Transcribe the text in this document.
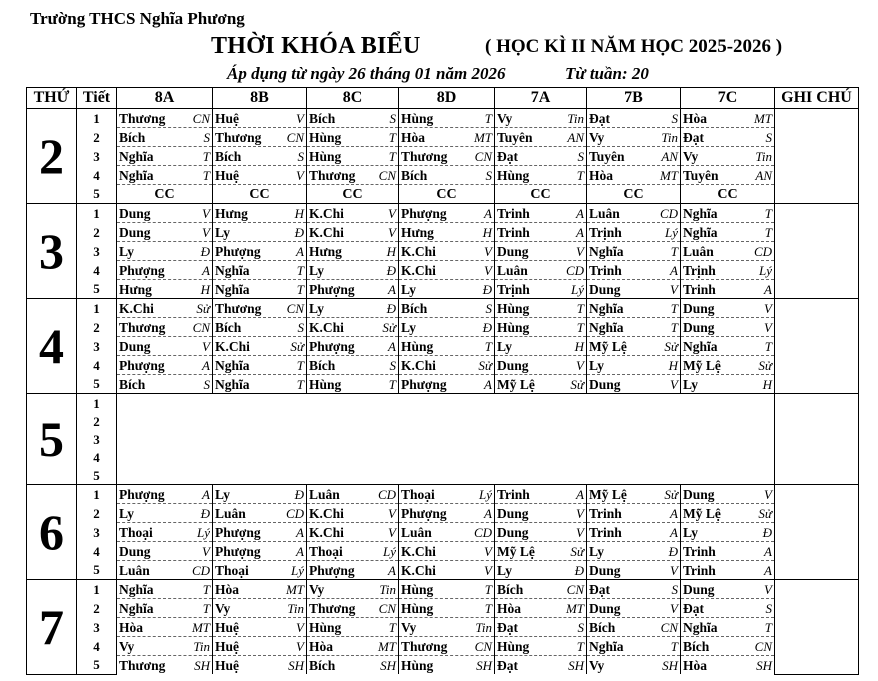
Trường THCS Nghĩa Phương
THỜI KHÓA BIỂU	( HỌC KÌ II NĂM HỌC 2025-2026 )
Áp dụng từ ngày 26 tháng 01 năm 2026	Từ tuần: 20
THỨ	Tiết	8A	8B	8C	8D	7A	7B	7C	GHI CHÚ
2	1	Thương CN	Huệ V	Bích S	Hùng T	Vy Tin	Đạt S	Hòa MT	

	2	Bích S	Thương CN	Hùng T	Hòa MT	Tuyên AN	Vy Tin	Đạt S	

	3	Nghĩa T	Bích S	Hùng T	Thương CN	Đạt S	Tuyên AN	Vy Tin	

	4	Nghĩa T	Huệ V	Thương CN	Bích S	Hùng T	Hòa MT	Tuyên AN	

	5	CC	CC	CC	CC	CC	CC	CC	
3	1	Dung V	Hưng H	K.Chi V	Phượng A	Trinh A	Luân CD	Nghĩa T	

	2	Dung V	Ly Đ	K.Chi V	Hưng H	Trinh A	Trịnh Lý	Nghĩa T	

	3	Ly Đ	Phượng A	Hưng H	K.Chi V	Dung V	Nghĩa T	Luân CD	

	4	Phượng A	Nghĩa T	Ly Đ	K.Chi V	Luân CD	Trinh A	Trịnh Lý	

	5	Hưng H	Nghĩa T	Phượng A	Ly Đ	Trịnh Lý	Dung V	Trinh A	

4	1	K.Chi Sử	Thương CN	Ly Đ	Bích S	Hùng T	Nghĩa T	Dung V	

	2	Thương CN	Bích S	K.Chi Sử	Ly Đ	Hùng T	Nghĩa T	Dung V	

	3	Dung V	K.Chi Sử	Phượng A	Hùng T	Ly H	Mỹ Lệ Sử	Nghĩa T	

	4	Phượng A	Nghĩa T	Bích S	K.Chi Sử	Dung V	Ly H	Mỹ Lệ Sử	

	5	Bích S	Nghĩa T	Hùng T	Phượng A	Mỹ Lệ Sử	Dung V	Ly H	

5	1								
	2								
	3								
	4								
	5								
6	1	Phượng A	Ly Đ	Luân CD	Thoại Lý	Trinh A	Mỹ Lệ Sử	Dung V	

	2	Ly Đ	Luân CD	K.Chi V	Phượng A	Dung V	Trinh A	Mỹ Lệ Sử	

	3	Thoại Lý	Phượng A	K.Chi V	Luân CD	Dung V	Trinh A	Ly Đ	

	4	Dung V	Phượng A	Thoại Lý	K.Chi V	Mỹ Lệ Sử	Ly Đ	Trinh A	

	5	Luân CD	Thoại Lý	Phượng A	K.Chi V	Ly Đ	Dung V	Trinh A	

7	1	Nghĩa T	Hòa MT	Vy Tin	Hùng T	Bích CN	Đạt S	Dung V	

	2	Nghĩa T	Vy Tin	Thương CN	Hùng T	Hòa MT	Dung V	Đạt S	

	3	Hòa MT	Huệ V	Hùng T	Vy Tin	Đạt S	Bích CN	Nghĩa T	

	4	Vy Tin	Huệ V	Hòa MT	Thương CN	Hùng T	Nghĩa T	Bích CN	

	5	Thương SH	Huệ SH	Bích SH	Hùng SH	Đạt SH	Vy SH	Hòa SH	
